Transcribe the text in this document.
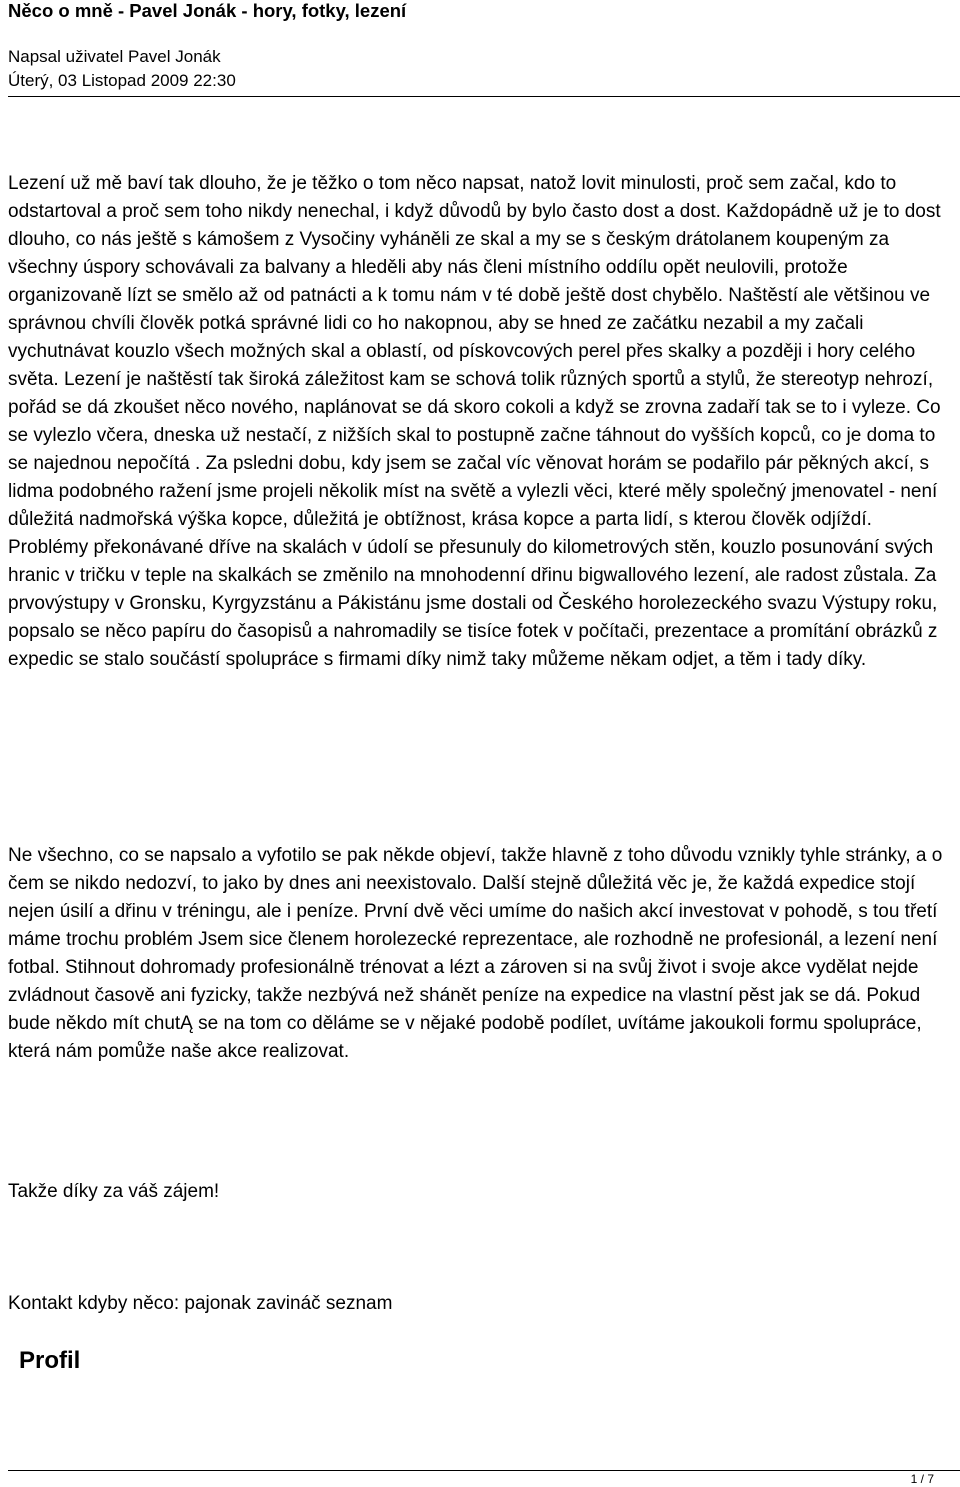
Něco o mně - Pavel Jonák - hory, fotky, lezení
Napsal uživatel Pavel Jonák
Úterý, 03 Listopad 2009 22:30

Lezení už mě baví tak dlouho, že je těžko o tom něco napsat, natož lovit minulosti, proč sem začal, kdo to odstartoval a proč sem toho nikdy nenechal, i když důvodů by bylo často dost a dost. Každopádně už je to dost dlouho, co nás ještě s kámošem z Vysočiny vyháněli ze skal a my se s českým drátolanem koupeným za všechny úspory schovávali za balvany a hleděli aby nás členi místního oddílu opět neulovili, protože organizovaně lízt se smělo až od patnácti a k tomu nám v té době ještě dost chybělo. Naštěstí ale většinou ve správnou chvíli člověk potká správné lidi co ho nakopnou, aby se hned ze začátku nezabil a my začali vychutnávat kouzlo všech možných skal a oblastí, od pískovcových perel přes skalky a později i hory celého světa. Lezení je naštěstí tak široká záležitost kam se schová tolik různých sportů a stylů, že stereotyp nehrozí, pořád se dá zkoušet něco nového, naplánovat se dá skoro cokoli a když se zrovna zadaří tak se to i vyleze. Co se vylezlo včera, dneska už nestačí, z nižších skal to postupně začne táhnout do vyšších kopců, co je doma to se najednou nepočítá . Za psledni dobu, kdy jsem se začal víc věnovat horám se podařilo pár pěkných akcí, s lidma podobného ražení jsme projeli několik míst na světě a vylezli věci, které měly společný jmenovatel - není důležitá nadmořská výška kopce, důležitá je obtížnost, krása kopce a parta lidí, s kterou člověk odjíždí. Problémy překonávané dříve na skalách v údolí se přesunuly do kilometrových stěn, kouzlo posunování svých hranic v tričku v teple na skalkách se změnilo na mnohodenní dřinu bigwallového lezení, ale radost zůstala. Za prvovýstupy v Gronsku, Kyrgyzstánu a Pákistánu jsme dostali od Českého horolezeckého svazu Výstupy roku, popsalo se něco papíru do časopisů a nahromadily se tisíce fotek v počítači, prezentace a promítání obrázků z expedic se stalo součástí spolupráce s firmami díky nimž taky můžeme někam odjet, a těm i tady díky.

Ne všechno, co se napsalo a vyfotilo se pak někde objeví, takže hlavně z toho důvodu vznikly tyhle stránky, a o čem se nikdo nedozví, to jako by dnes ani neexistovalo. Další stejně důležitá věc je, že každá expedice stojí nejen úsilí a dřinu v tréningu, ale i peníze. První dvě věci umíme do našich akcí investovat v pohodě, s tou třetí máme trochu problém Jsem sice členem horolezecké reprezentace, ale rozhodně ne profesionál, a lezení není fotbal. Stihnout dohromady profesionálně trénovat a lézt a zároven si na svůj život i svoje akce vydělat nejde zvládnout časově ani fyzicky, takže nezbývá než shánět peníze na expedice na vlastní pěst jak se dá. Pokud bude někdo mít chutĄ se na tom co děláme se v nějaké podobě podílet, uvítáme jakoukoli formu spolupráce, která nám pomůže naše akce realizovat.

Takže díky za váš zájem!

Kontakt kdyby něco: pajonak zavináč seznam

Profil
1 / 7
